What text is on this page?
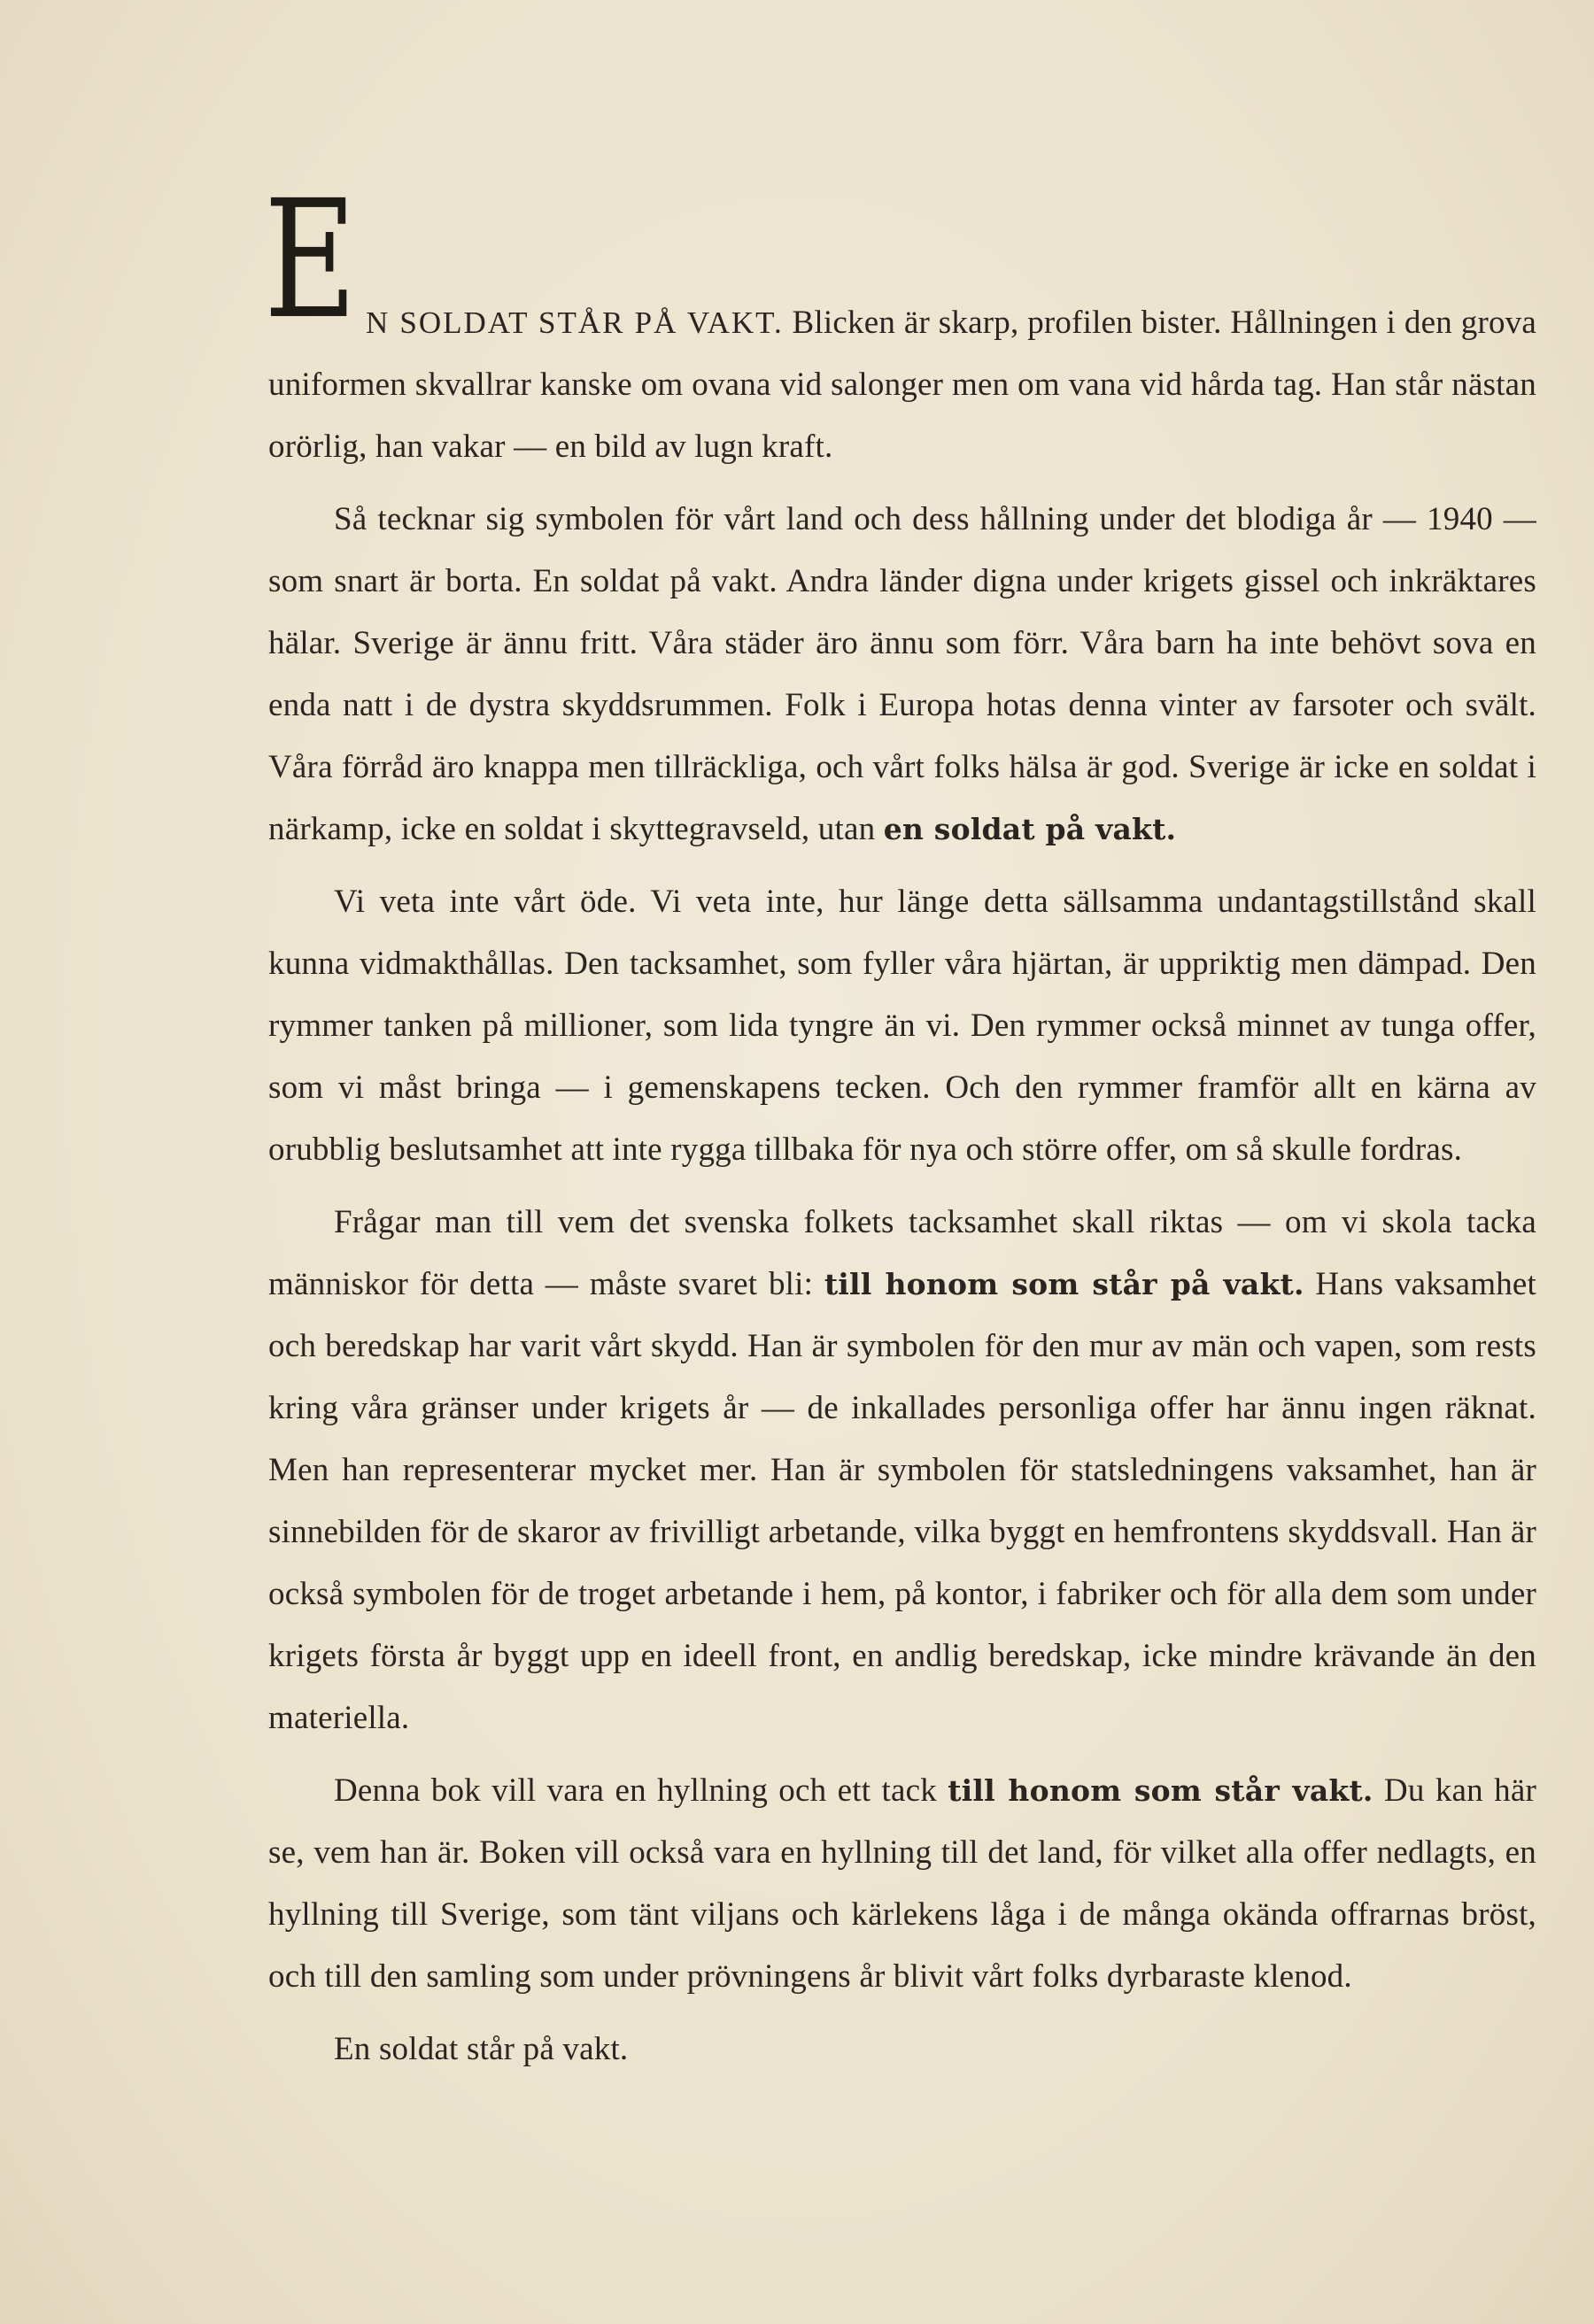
E N SOLDAT STÅR PÅ VAKT. Blicken är skarp, profilen bister. Hållningen i den grova uniformen skvallrar kanske om ovana vid salonger men om vana vid hårda tag. Han står nästan orörlig, han vakar — en bild av lugn kraft.

Så tecknar sig symbolen för vårt land och dess hållning under det blodiga år — 1940 — som snart är borta. En soldat på vakt. Andra länder digna under krigets gissel och inkräktares hälar. Sverige är ännu fritt. Våra städer äro ännu som förr. Våra barn ha inte behövt sova en enda natt i de dystra skyddsrummen. Folk i Europa hotas denna vinter av farsoter och svält. Våra förråd äro knappa men tillräckliga, och vårt folks hälsa är god. Sverige är icke en soldat i närkamp, icke en soldat i skyttegravseld, utan en soldat på vakt.

Vi veta inte vårt öde. Vi veta inte, hur länge detta sällsamma undantagstillstånd skall kunna vidmakthållas. Den tacksamhet, som fyller våra hjärtan, är uppriktig men dämpad. Den rymmer tanken på millioner, som lida tyngre än vi. Den rymmer också minnet av tunga offer, som vi måst bringa — i gemenskapens tecken. Och den rymmer framför allt en kärna av orubblig beslutsamhet att inte rygga tillbaka för nya och större offer, om så skulle fordras.

Frågar man till vem det svenska folkets tacksamhet skall riktas — om vi skola tacka människor för detta — måste svaret bli: till honom som står på vakt. Hans vaksamhet och beredskap har varit vårt skydd. Han är symbolen för den mur av män och vapen, som rests kring våra gränser under krigets år — de inkallades personliga offer har ännu ingen räknat. Men han representerar mycket mer. Han är symbolen för statsledningens vaksamhet, han är sinnebilden för de skaror av frivilligt arbetande, vilka byggt en hemfrontens skyddsvall. Han är också symbolen för de troget arbetande i hem, på kontor, i fabriker och för alla dem som under krigets första år byggt upp en ideell front, en andlig beredskap, icke mindre krävande än den materiella.

Denna bok vill vara en hyllning och ett tack till honom som står vakt. Du kan här se, vem han är. Boken vill också vara en hyllning till det land, för vilket alla offer nedlagts, en hyllning till Sverige, som tänt viljans och kärlekens låga i de många okända offrarnas bröst, och till den samling som under prövningens år blivit vårt folks dyrbaraste klenod.

En soldat står på vakt.
